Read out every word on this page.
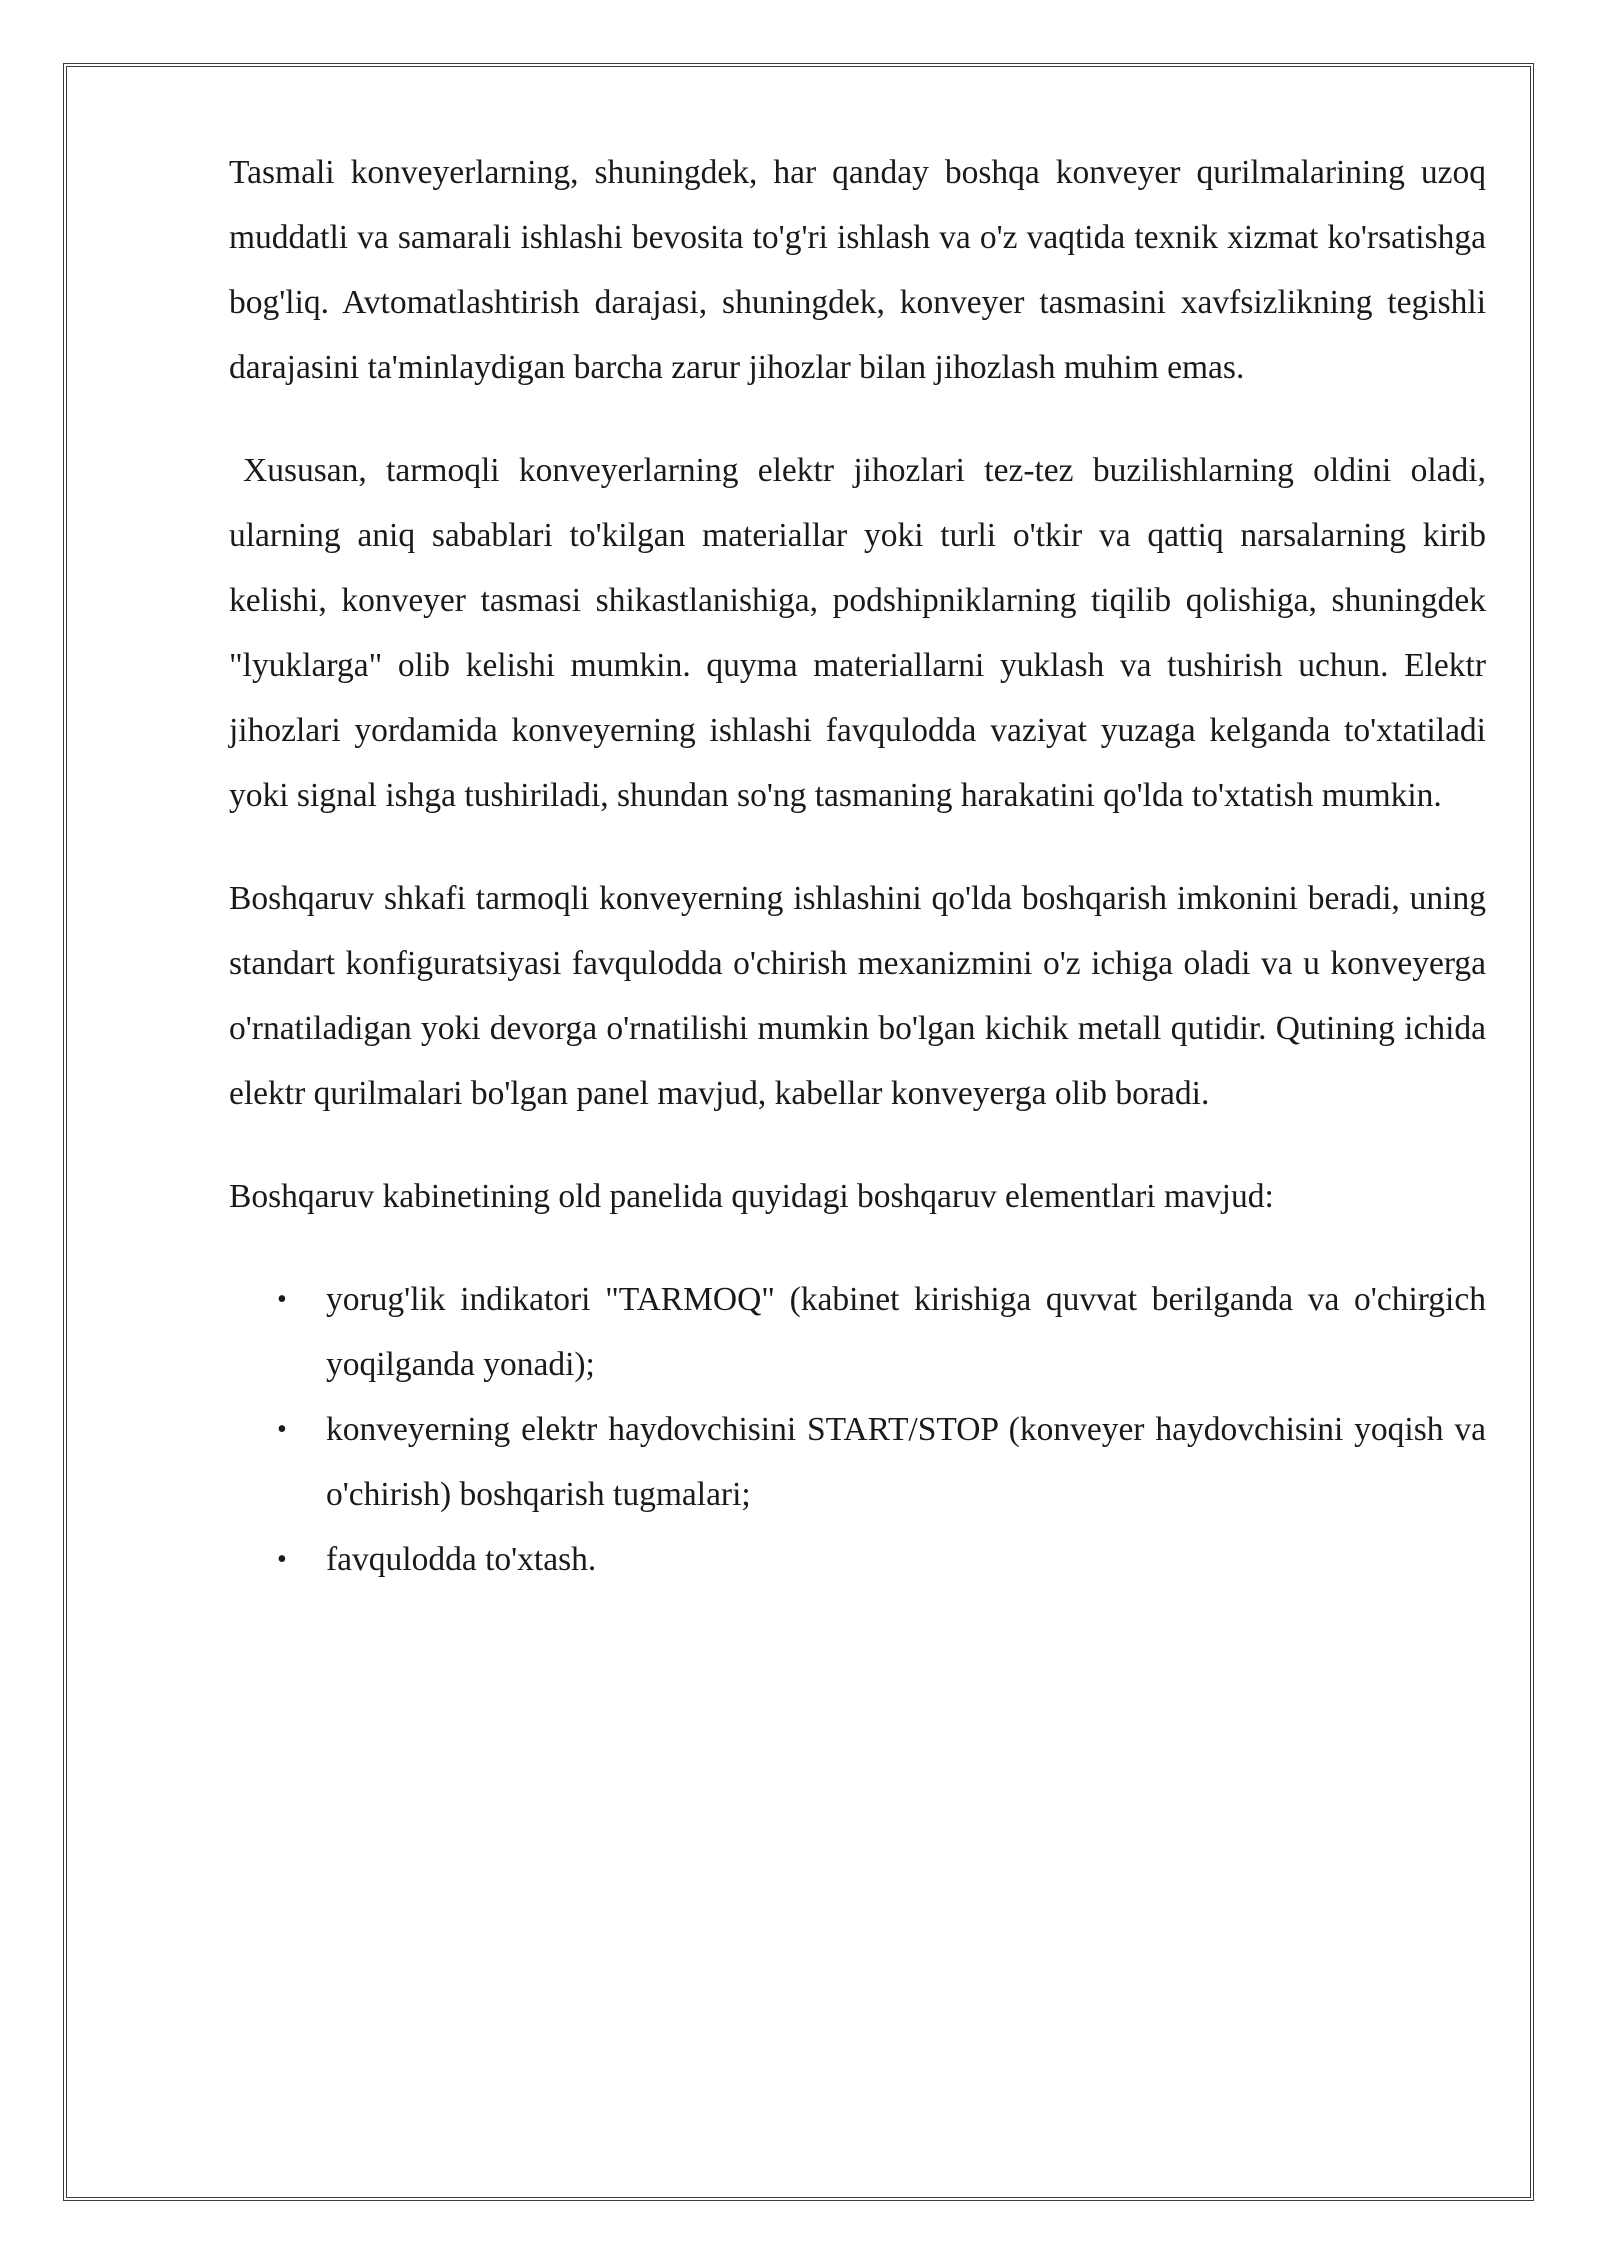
Tasmali konveyerlarning, shuningdek, har qanday boshqa konveyer qurilmalarining uzoq muddatli va samarali ishlashi bevosita to'g'ri ishlash va o'z vaqtida texnik xizmat ko'rsatishga bog'liq. Avtomatlashtirish darajasi, shuningdek, konveyer tasmasini xavfsizlikning tegishli darajasini ta'minlaydigan barcha zarur jihozlar bilan jihozlash muhim emas.

Xususan, tarmoqli konveyerlarning elektr jihozlari tez-tez buzilishlarning oldini oladi, ularning aniq sabablari to'kilgan materiallar yoki turli o'tkir va qattiq narsalarning kirib kelishi, konveyer tasmasi shikastlanishiga, podshipniklarning tiqilib qolishiga, shuningdek "lyuklarga" olib kelishi mumkin. quyma materiallarni yuklash va tushirish uchun. Elektr jihozlari yordamida konveyerning ishlashi favqulodda vaziyat yuzaga kelganda to'xtatiladi yoki signal ishga tushiriladi, shundan so'ng tasmaning harakatini qo'lda to'xtatish mumkin.

Boshqaruv shkafi tarmoqli konveyerning ishlashini qo'lda boshqarish imkonini beradi, uning standart konfiguratsiyasi favqulodda o'chirish mexanizmini o'z ichiga oladi va u konveyerga o'rnatiladigan yoki devorga o'rnatilishi mumkin bo'lgan kichik metall qutidir. Qutining ichida elektr qurilmalari bo'lgan panel mavjud, kabellar konveyerga olib boradi.

Boshqaruv kabinetining old panelida quyidagi boshqaruv elementlari mavjud:

• yorug'lik indikatori "TARMOQ" (kabinet kirishiga quvvat berilganda va o'chirgich yoqilganda yonadi);
• konveyerning elektr haydovchisini START/STOP (konveyer haydovchisini yoqish va o'chirish) boshqarish tugmalari;
• favqulodda to'xtash.
